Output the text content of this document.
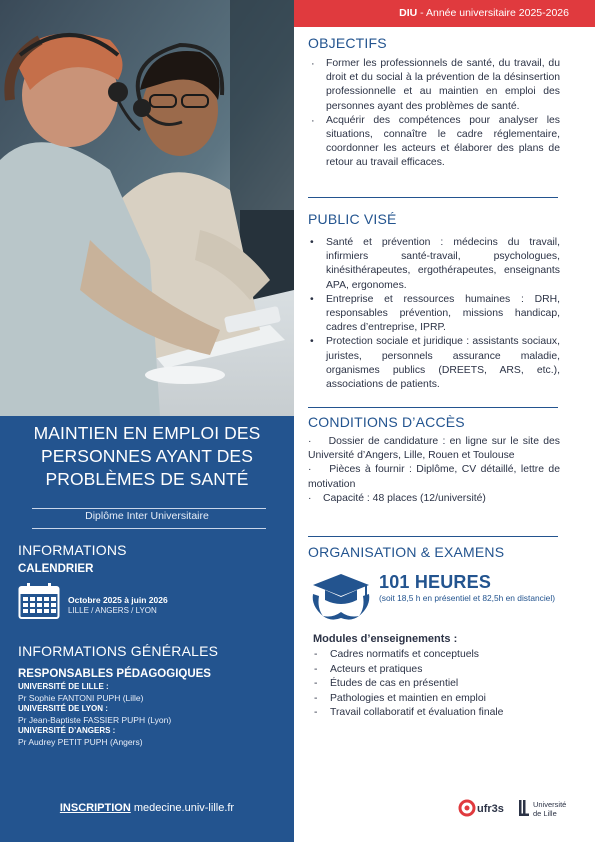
MAINTIEN EN EMPLOI DES
PERSONNES AYANT DES
PROBLÈMES DE SANTÉ
Diplôme Inter Universitaire
INFORMATIONS
CALENDRIER
Octobre 2025 à juin 2026
LILLE / ANGERS / LYON
INFORMATIONS GÉNÉRALES
RESPONSABLES PÉDAGOGIQUES
UNIVERSITÉ DE LILLE :
Pr Sophie FANTONI PUPH (Lille)
UNIVERSITÉ DE LYON :
Pr Jean-Baptiste FASSIER PUPH (Lyon)
UNIVERSITÉ D’ANGERS :
Pr Audrey PETIT PUPH (Angers)
INSCRIPTION medecine.univ-lille.fr
DIU - Année universitaire 2025-2026
OBJECTIFS
· Former les professionnels de santé, du travail, du droit et du social à la prévention de la désinsertion professionnelle et au maintien en emploi des personnes ayant des problèmes de santé.
· Acquérir des compétences pour analyser les situations, connaître le cadre réglementaire, coordonner les acteurs et élaborer des plans de retour au travail efficaces.
PUBLIC VISÉ
• Santé et prévention : médecins du travail, infirmiers santé-travail, psychologues, kinésithérapeutes, ergothérapeutes, enseignants APA, ergonomes.
• Entreprise et ressources humaines : DRH, responsables prévention, missions handicap, cadres d’entreprise, IPRP.
• Protection sociale et juridique : assistants sociaux, juristes, personnels assurance maladie, organismes publics (DREETS, ARS, etc.), associations de patients.
CONDITIONS D’ACCÈS

·    Dossier de candidature : en ligne sur le site des Université d’Angers, Lille, Rouen et Toulouse

·    Pièces à fournir : Diplôme, CV détaillé, lettre de motivation

·    Capacité : 48 places (12/université)

ORGANISATION & EXAMENS
101 HEURES
(soit 18,5 h en présentiel et 82,5h en distanciel)
Modules d’enseignements :
- Cadres normatifs et conceptuels
- Acteurs et pratiques
- Études de cas en présentiel
- Pathologies et maintien en emploi
- Travail collaboratif et évaluation finale
ufr3s	Université
de Lille
